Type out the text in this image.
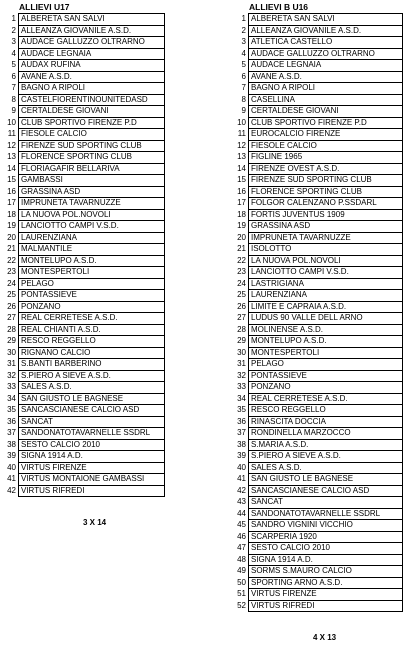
ALLIEVI U17
1	ALBERETA SAN SALVI
2	ALLEANZA GIOVANILE A.S.D.
3	AUDACE GALLUZZO OLTRARNO
4	AUDACE LEGNAIA
5	AUDAX RUFINA
6	AVANE A.S.D.
7	BAGNO A RIPOLI
8	CASTELFIORENTINOUNITEDASD
9	CERTALDESE GIOVANI
10	CLUB SPORTIVO FIRENZE P.D
11	FIESOLE CALCIO
12	FIRENZE SUD SPORTING CLUB
13	FLORENCE SPORTING CLUB
14	FLORIAGAFIR BELLARIVA
15	GAMBASSI
16	GRASSINA ASD
17	IMPRUNETA TAVARNUZZE
18	LA NUOVA POL.NOVOLI
19	LANCIOTTO CAMPI V.S.D.
20	LAURENZIANA
21	MALMANTILE
22	MONTELUPO A.S.D.
23	MONTESPERTOLI
24	PELAGO
25	PONTASSIEVE
26	PONZANO
27	REAL CERRETESE A.S.D.
28	REAL CHIANTI A.S.D.
29	RESCO REGGELLO
30	RIGNANO CALCIO
31	S.BANTI BARBERINO
32	S.PIERO A SIEVE A.S.D.
33	SALES A.S.D.
34	SAN GIUSTO LE BAGNESE
35	SANCASCIANESE CALCIO ASD
36	SANCAT
37	SANDONATOTAVARNELLE SSDRL
38	SESTO CALCIO 2010
39	SIGNA 1914 A.D.
40	VIRTUS FIRENZE
41	VIRTUS MONTAIONE GAMBASSI
42	VIRTUS RIFREDI
ALLIEVI B U16
1	ALBERETA SAN SALVI
2	ALLEANZA GIOVANILE A.S.D.
3	ATLETICA CASTELLO
4	AUDACE GALLUZZO OLTRARNO
5	AUDACE LEGNAIA
6	AVANE A.S.D.
7	BAGNO A RIPOLI
8	CASELLINA
9	CERTALDESE GIOVANI
10	CLUB SPORTIVO FIRENZE P.D
11	EUROCALCIO FIRENZE
12	FIESOLE CALCIO
13	FIGLINE 1965
14	FIRENZE OVEST A.S.D.
15	FIRENZE SUD SPORTING CLUB
16	FLORENCE SPORTING CLUB
17	FOLGOR CALENZANO P.SSDARL
18	FORTIS JUVENTUS 1909
19	GRASSINA ASD
20	IMPRUNETA TAVARNUZZE
21	ISOLOTTO
22	LA NUOVA POL.NOVOLI
23	LANCIOTTO CAMPI V.S.D.
24	LASTRIGIANA
25	LAURENZIANA
26	LIMITE E CAPRAIA A.S.D.
27	LUDUS 90 VALLE DELL ARNO
28	MOLINENSE A.S.D.
29	MONTELUPO A.S.D.
30	MONTESPERTOLI
31	PELAGO
32	PONTASSIEVE
33	PONZANO
34	REAL CERRETESE A.S.D.
35	RESCO REGGELLO
36	RINASCITA DOCCIA
37	RONDINELLA MARZOCCO
38	S.MARIA A.S.D.
39	S.PIERO A SIEVE A.S.D.
40	SALES A.S.D.
41	SAN GIUSTO LE BAGNESE
42	SANCASCIANESE CALCIO ASD
43	SANCAT
44	SANDONATOTAVARNELLE SSDRL
45	SANDRO VIGNINI VICCHIO
46	SCARPERIA 1920
47	SESTO CALCIO 2010
48	SIGNA 1914 A.D.
49	SORMS S.MAURO CALCIO
50	SPORTING ARNO A.S.D.
51	VIRTUS FIRENZE
52	VIRTUS RIFREDI
3 X 14
4 X 13
